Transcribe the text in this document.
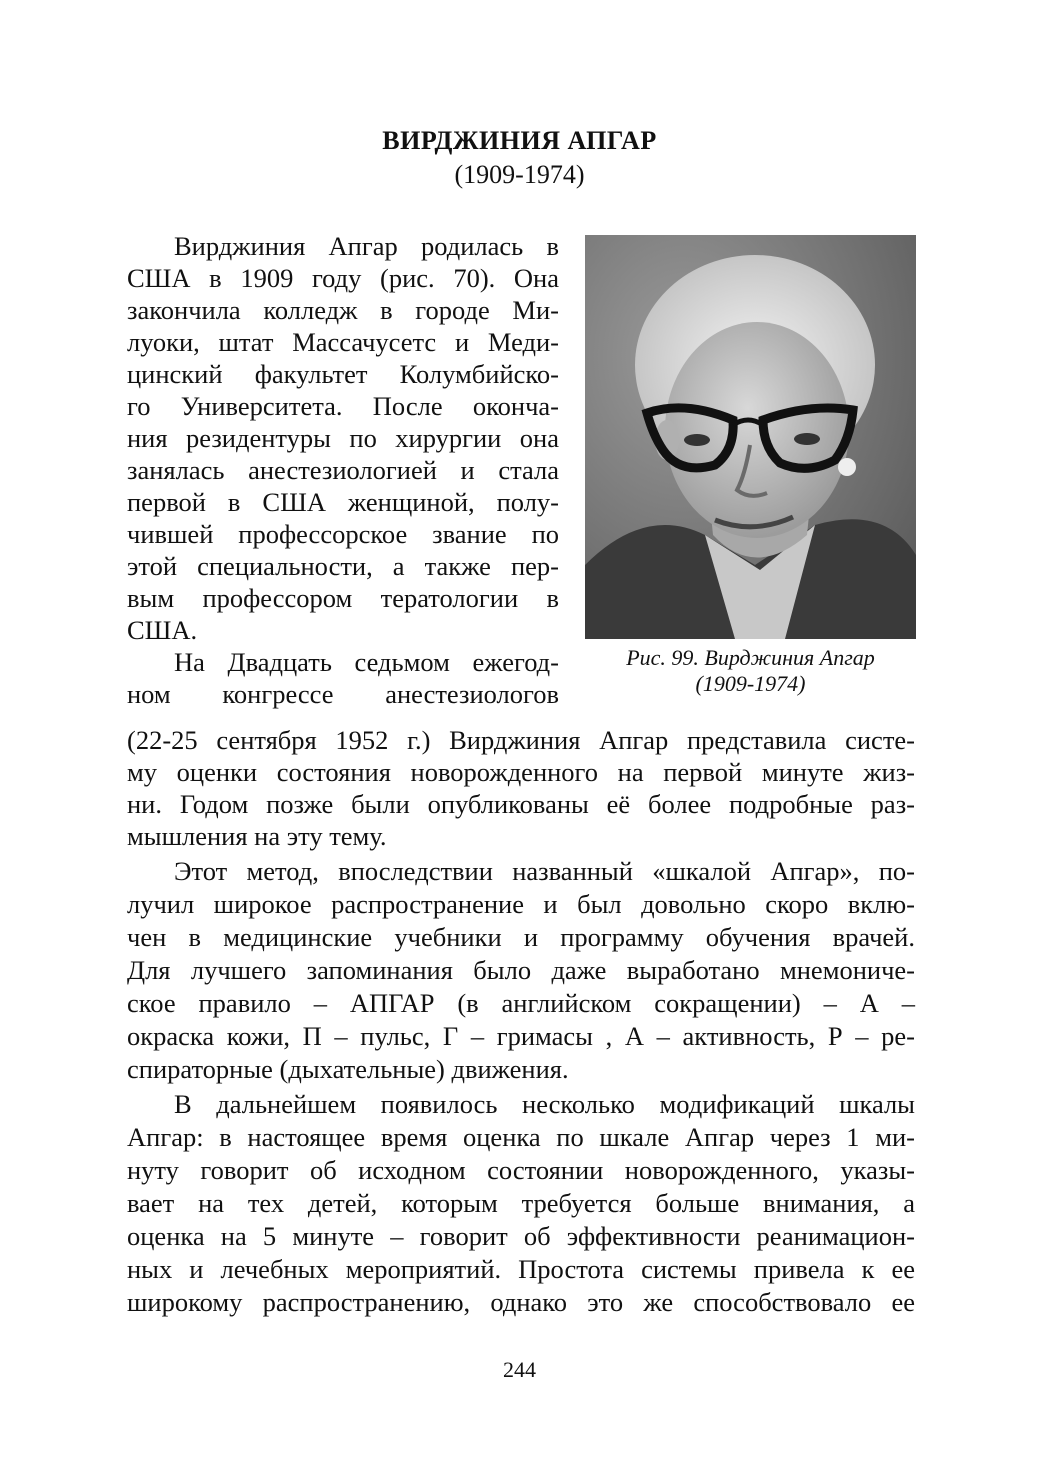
ВИРДЖИНИЯ АПГАР
(1909-1974)
Рис. 99. Вирджиния Апгар
(1909-1974)

Вирджиния Апгар родилась в

США в 1909 году (рис. 70). Она

закончила колледж в городе Ми-

луоки, штат Массачусетс и Меди-

цинский факультет Колумбийско-

го Университета. После оконча-

ния резидентуры по хирургии она

занялась анестезиологией и стала

первой в США женщиной, полу-

чившей профессорское звание по

этой специальности, а также пер-

вым профессором тератологии в

США.

На Двадцать седьмом ежегод-

ном конгрессе анестезиологов

(22-25 сентября 1952 г.) Вирджиния Апгар представила систе-

му оценки состояния новорожденного на первой минуте жиз-

ни. Годом позже были опубликованы её более подробные раз-

мышления на эту тему.

Этот метод, впоследствии названный «шкалой Апгар», по-

лучил широкое распространение и был довольно скоро вклю-

чен в медицинские учебники и программу обучения врачей.

Для лучшего запоминания было даже выработано мнемониче-

ское правило – АПГАР (в английском сокращении) – А –

окраска кожи, П – пульс, Г – гримасы , А – активность, Р – ре-

спираторные (дыхательные) движения.

В дальнейшем появилось несколько модификаций шкалы

Апгар: в настоящее время оценка по шкале Апгар через 1 ми-

нуту говорит об исходном состоянии новорожденного, указы-

вает на тех детей, которым требуется больше внимания, а

оценка на 5 минуте – говорит об эффективности реанимацион-

ных и лечебных мероприятий. Простота системы привела к ее

широкому распространению, однако это же способствовало ее

244
